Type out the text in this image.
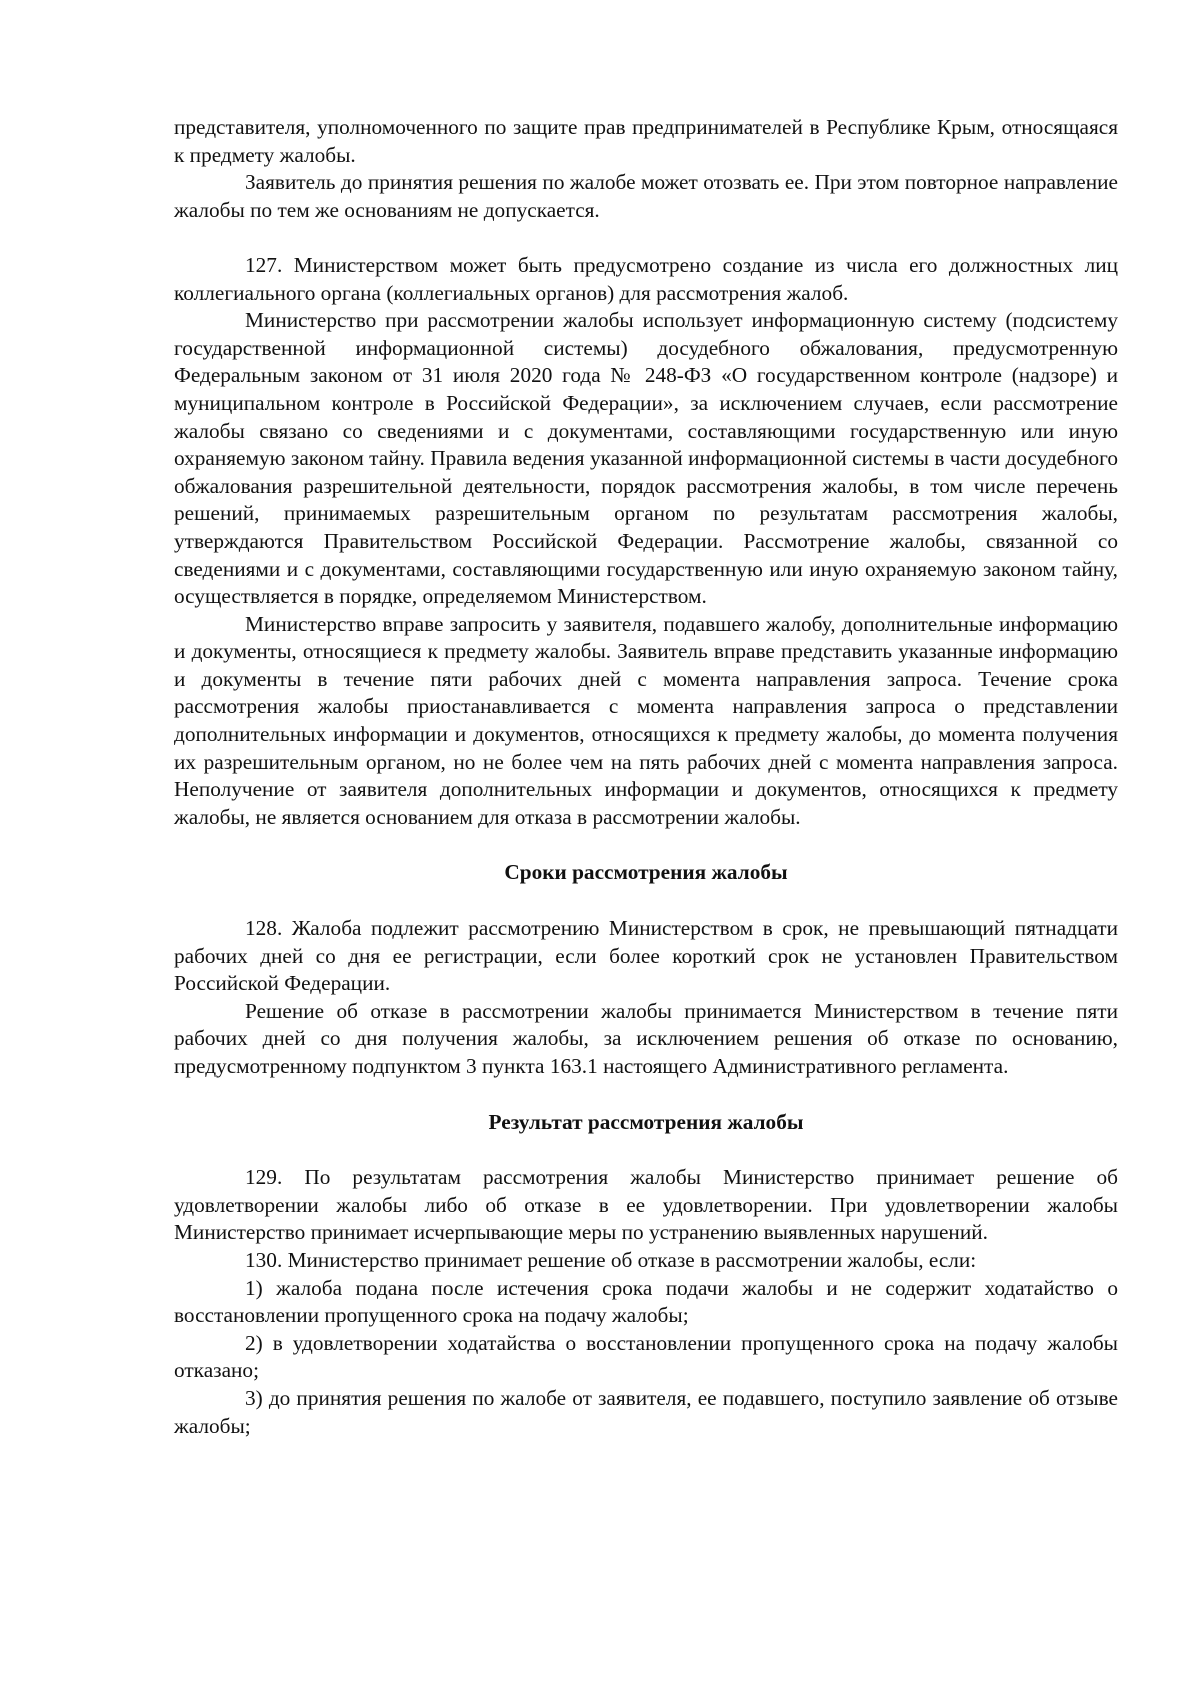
представителя, уполномоченного по защите прав предпринимателей в Республике Крым, относящаяся к предмету жалобы.

Заявитель до принятия решения по жалобе может отозвать ее. При этом повторное направление жалобы по тем же основаниям не допускается.

127. Министерством может быть предусмотрено создание из числа его должностных лиц коллегиального органа (коллегиальных органов) для рассмотрения жалоб.

Министерство при рассмотрении жалобы использует информационную систему (подсистему государственной информационной системы) досудебного обжалования, предусмотренную Федеральным законом от 31 июля 2020 года № 248-ФЗ «О государственном контроле (надзоре) и муниципальном контроле в Российской Федерации», за исключением случаев, если рассмотрение жалобы связано со сведениями и с документами, составляющими государственную или иную охраняемую законом тайну. Правила ведения указанной информационной системы в части досудебного обжалования разрешительной деятельности, порядок рассмотрения жалобы, в том числе перечень решений, принимаемых разрешительным органом по результатам рассмотрения жалобы, утверждаются Правительством Российской Федерации. Рассмотрение жалобы, связанной со сведениями и с документами, составляющими государственную или иную охраняемую законом тайну, осуществляется в порядке, определяемом Министерством.

Министерство вправе запросить у заявителя, подавшего жалобу, дополнительные информацию и документы, относящиеся к предмету жалобы. Заявитель вправе представить указанные информацию и документы в течение пяти рабочих дней с момента направления запроса. Течение срока рассмотрения жалобы приостанавливается с момента направления запроса о представлении дополнительных информации и документов, относящихся к предмету жалобы, до момента получения их разрешительным органом, но не более чем на пять рабочих дней с момента направления запроса. Неполучение от заявителя дополнительных информации и документов, относящихся к предмету жалобы, не является основанием для отказа в рассмотрении жалобы.

Сроки рассмотрения жалобы

128. Жалоба подлежит рассмотрению Министерством в срок, не превышающий пятнадцати рабочих дней со дня ее регистрации, если более короткий срок не установлен Правительством Российской Федерации.

Решение об отказе в рассмотрении жалобы принимается Министерством в течение пяти рабочих дней со дня получения жалобы, за исключением решения об отказе по основанию, предусмотренному подпунктом 3 пункта 163.1 настоящего Административного регламента.

Результат рассмотрения жалобы

129. По результатам рассмотрения жалобы Министерство принимает решение об удовлетворении жалобы либо об отказе в ее удовлетворении. При удовлетворении жалобы Министерство принимает исчерпывающие меры по устранению выявленных нарушений.

130. Министерство принимает решение об отказе в рассмотрении жалобы, если:

1) жалоба подана после истечения срока подачи жалобы и не содержит ходатайство о восстановлении пропущенного срока на подачу жалобы;

2) в удовлетворении ходатайства о восстановлении пропущенного срока на подачу жалобы отказано;

3) до принятия решения по жалобе от заявителя, ее подавшего, поступило заявление об отзыве жалобы;
